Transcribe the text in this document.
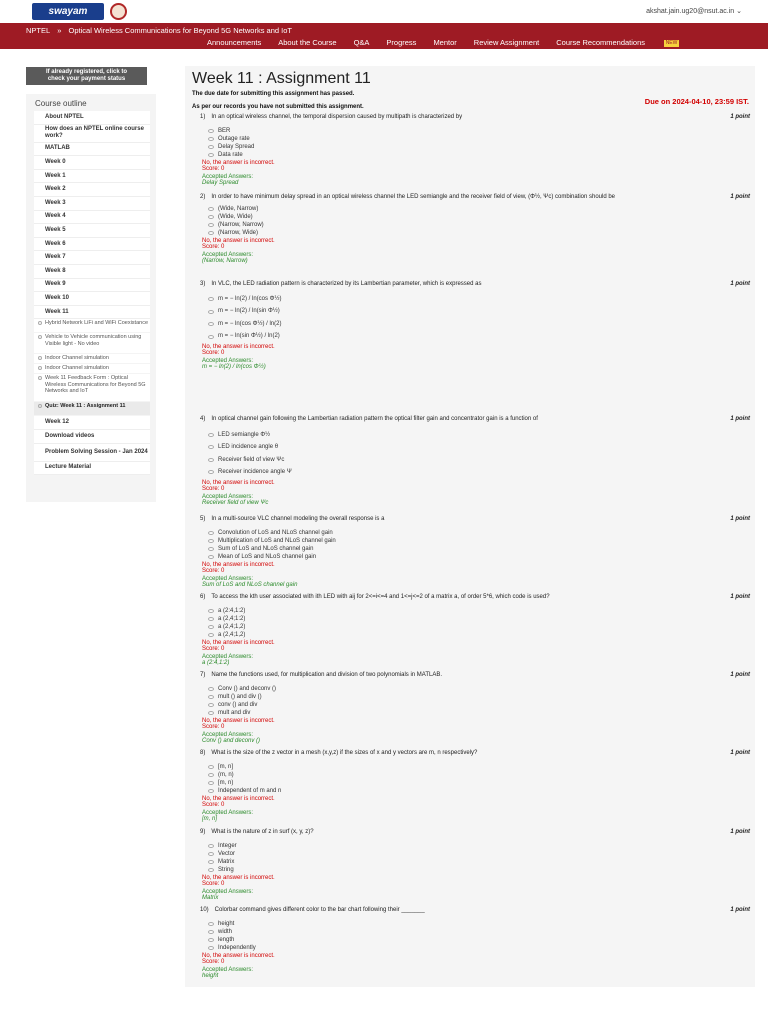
swayam	akshat.jain.ug20@nsut.ac.in ⌄
NPTEL » Optical Wireless Communications for Beyond 5G Networks and IoT
Announcements About the Course Q&A Progress Mentor Review Assignment Course Recommendations	NEW
If already registered, click to
check your payment status
Course outline
About NPTEL
How does an NPTEL online course work?
MATLAB
Week 0
Week 1
Week 2
Week 3
Week 4
Week 5
Week 6
Week 7
Week 8
Week 9
Week 10
Week 11
Hybrid Network LiFi and WiFi Coexistance
Vehicle to Vehicle communication using Visible light - No video
Indoor Channel simulation
Indoor Channel simulation
Week 11 Feedback Form : Optical Wireless Communications for Beyond 5G Networks and IoT
Quiz: Week 11 : Assignment 11
Week 12
Download videos
Problem Solving Session - Jan 2024
Lecture Material
Week 11 : Assignment 11
The due date for submitting this assignment has passed.
Due on 2024-04-10, 23:59 IST.
As per our records you have not submitted this assignment.
1) In an optical wireless channel, the temporal dispersion caused by multipath is characterized by	1 point
BER
Outage rate
Delay Spread
Data rate
No, the answer is incorrect.
Score: 0
Accepted Answers:
Delay Spread
2) In order to have minimum delay spread in an optical wireless channel the LED semiangle and the receiver field of view, (Φ½, Ψc) combination should be	1 point
(Wide, Narrow)
(Wide, Wide)
(Narrow, Narrow)
(Narrow, Wide)
No, the answer is incorrect.
Score: 0
Accepted Answers:
(Narrow, Narrow)
3) In VLC, the LED radiation pattern is characterized by its Lambertian parameter, which is expressed as	1 point
m = − ln(2) / ln(cos Φ½)
m = − ln(2) / ln(sin Φ½)
m = − ln(cos Φ½) / ln(2)
m = − ln(sin Φ½) / ln(2)
No, the answer is incorrect.
Score: 0
Accepted Answers:
m = − ln(2) / ln(cos Φ½)
4) In optical channel gain following the Lambertian radiation pattern the optical filter gain and concentrator gain is a function of	1 point
LED semiangle Φ½
LED incidence angle θ
Receiver field of view Ψc
Receiver incidence angle Ψ
No, the answer is incorrect.
Score: 0
Accepted Answers:
Receiver field of view Ψc
5) In a multi-source VLC channel modeling the overall response is a	1 point
Convolution of LoS and NLoS channel gain
Multiplication of LoS and NLoS channel gain
Sum of LoS and NLoS channel gain
Mean of LoS and NLoS channel gain
No, the answer is incorrect.
Score: 0
Accepted Answers:
Sum of LoS and NLoS channel gain
6) To access the kth user associated with ith LED with aij for 2<=i<=4 and 1<=j<=2 of a matrix a, of order 5*6, which code is used?	1 point
a (2:4,1:2)
a (2,4;1:2)
a (2,4;1,2)
a (2,4;1,2)
No, the answer is incorrect.
Score: 0
Accepted Answers:
a (2:4,1:2)
7) Name the functions used, for multiplication and division of two polynomials in MATLAB.	1 point
Conv () and deconv ()
mult () and div ()
conv () and div
mult and div
No, the answer is incorrect.
Score: 0
Accepted Answers:
Conv () and deconv ()
8) What is the size of the z vector in a mesh (x,y,z) if the sizes of x and y vectors are m, n respectively?	1 point
[m, n]
(m, n)
[m, n)
Independent of m and n
No, the answer is incorrect.
Score: 0
Accepted Answers:
[m, n]
9) What is the nature of z in surf (x, y, z)?	1 point
Integer
Vector
Matrix
String
No, the answer is incorrect.
Score: 0
Accepted Answers:
Matrix
10) Colorbar command gives different color to the bar chart following their _______	1 point
height
width
length
Independently
No, the answer is incorrect.
Score: 0
Accepted Answers:
height
